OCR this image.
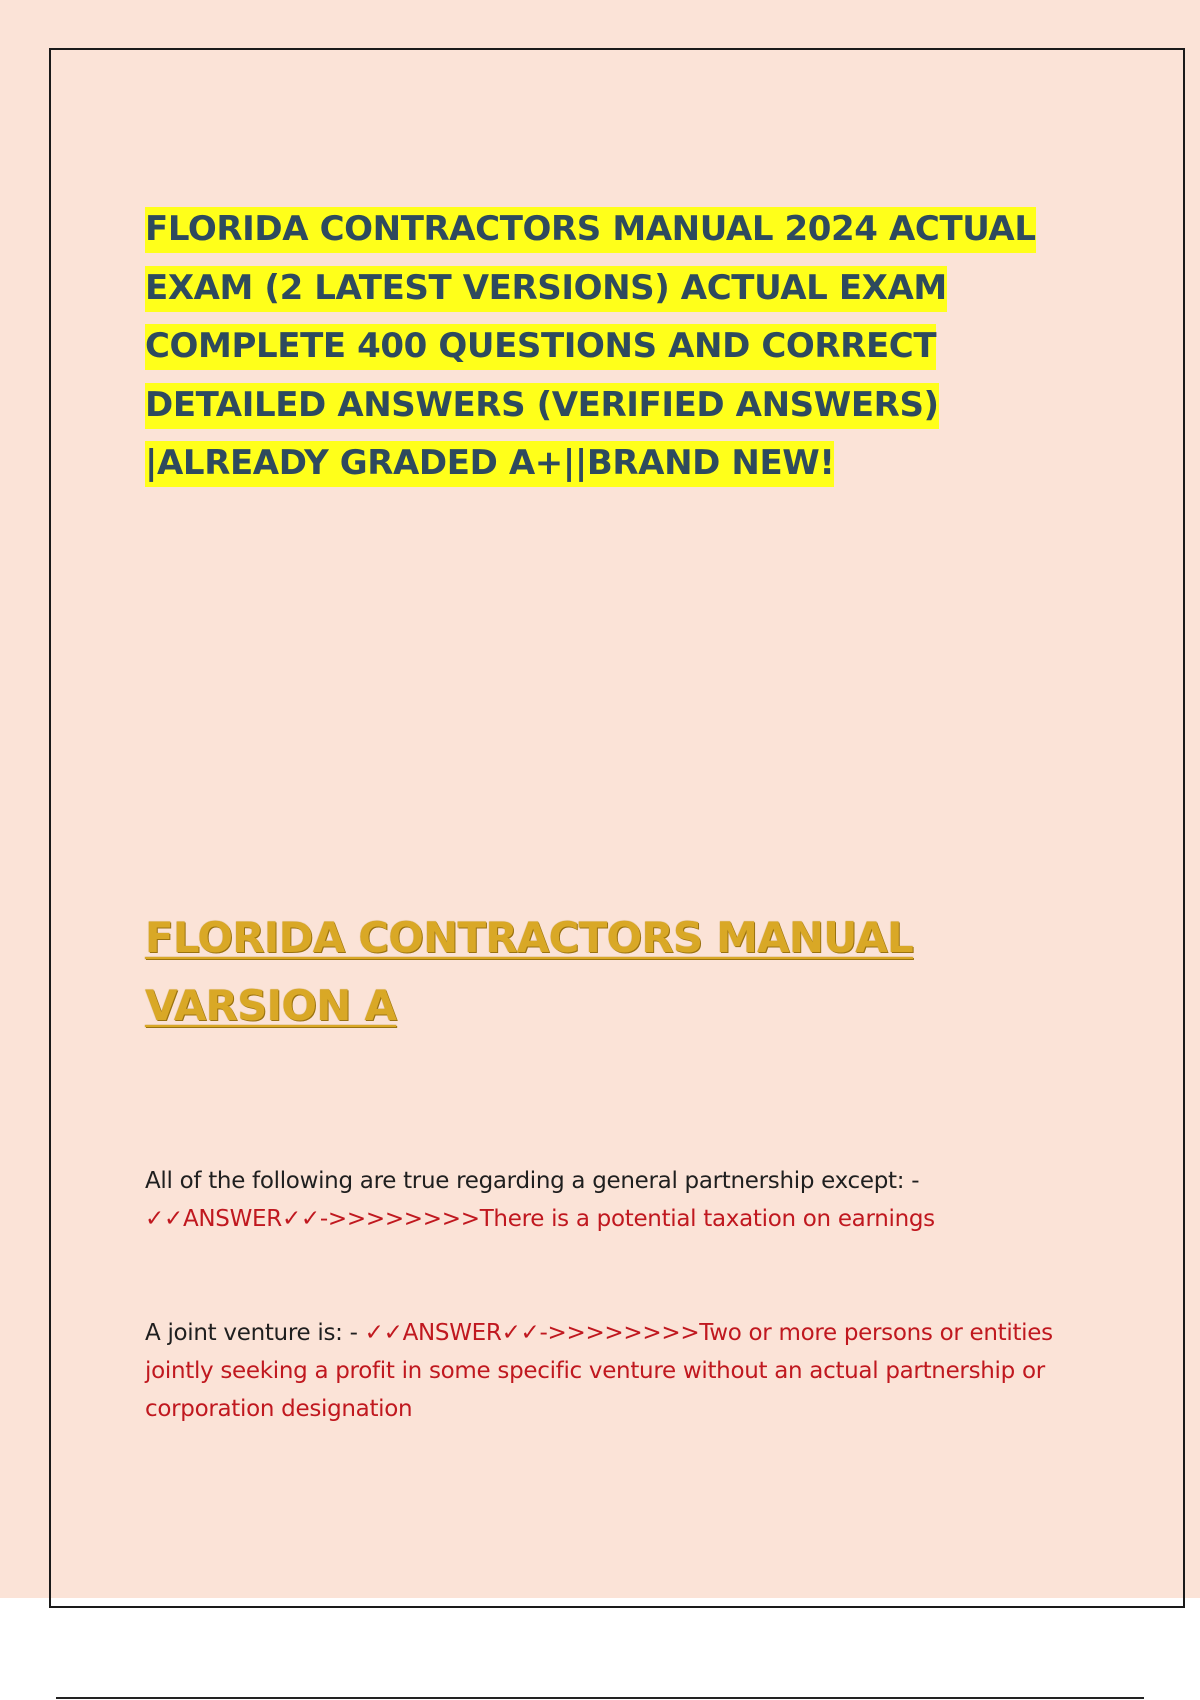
FLORIDA CONTRACTORS MANUAL 2024 ACTUAL
EXAM (2 LATEST VERSIONS) ACTUAL EXAM
COMPLETE 400 QUESTIONS AND CORRECT
DETAILED ANSWERS (VERIFIED ANSWERS)
|ALREADY GRADED A+||BRAND NEW!
FLORIDA CONTRACTORS MANUAL
VARSION A

All of the following are true regarding a general partnership except: -
✓✓ANSWER✓✓->>>>>>>>There is a potential taxation on earnings

A joint venture is: - ✓✓ANSWER✓✓->>>>>>>>Two or more persons or entities jointly seeking a profit in some specific venture without an actual partnership or corporation designation
